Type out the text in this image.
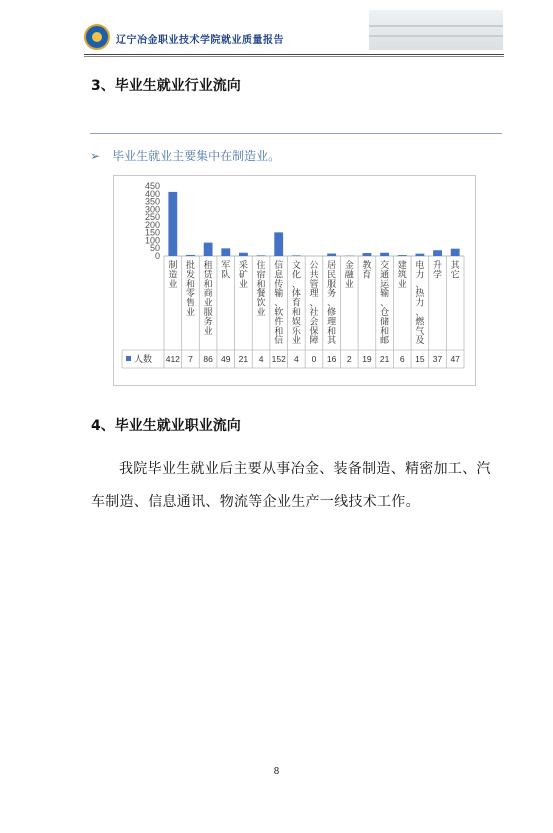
辽宁冶金职业技术学院就业质量报告
3、毕业生就业行业流向
➢ 毕业生就业主要集中在制造业。
450
400
350
300
250
200
150
100
50
0
制造业
批发和零售业
租赁和商业服务业
军队
采矿业
住宿和餐饮业
信息传输、软件和信
文化、体育和娱乐业
公共管理、社会保障
居民服务、修理和其
金融业
教育
交通运输、仓储和邮
建筑业
电力、热力、燃气及
升学
其它
人数 412 7 86 49 21 4 152 4 0 16 2 19 21 6 15 37 47
4、毕业生就业职业流向
我院毕业生就业后主要从事冶金、装备制造、精密加工、汽车制造、信息通讯、物流等企业生产一线技术工作。
8
